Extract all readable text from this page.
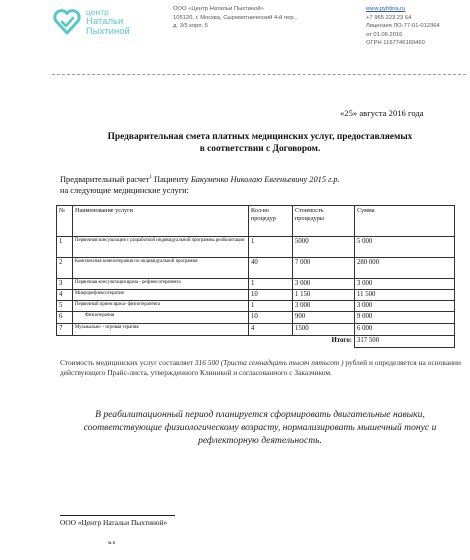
центр
Натальи
Пыхтиной
ООО «Центр Натальи Пыхтиной»
105120, г. Москва, Сыромятнический 4-й пер.,
д. 3/5 корп. 5
www.pyhtina.ru
+7 965 223 23 64
Лицензия ЛО-77-01-012364
от 01.06.2016
ОГРН 1167746160460
«25» августа 2016 года
Предварительная смета платных медицинских услуг, предоставляемых
в соответствии с Договором.
Предварительный расчет$^1$ Пациенту Бакуменко Николаю Евгеньевичу 2015 г.р.
на следующие медицинские услуги:
№	Наименование услуги	Кол-во процедур	Стоимость процедуры	Сумма
1	Первичная консультация с разработкой индивидуальной программы реабилитации	1	5000	5 000
2	Комплексная кинезитерапия по индивидуальной программе	40	7 000	280 000
3	Первичная консультация врача - рефлексотерапевта	1	3 000	3 000
4	Микрорефлексотерапия	10	1 150	11 500
5	Первичный прием врача- физиотерапевта	1	3 000	3 000
6	Физиотерапия	10	900	9 000
7	Музыкально – игровая терапия	4	1500	6 000
			Итого:	317 500
Стоимость медицинских услуг составляет 316 500 (Триста семнадцать тысяч пятьсот ) рублей и определяется на основании действующего Прайс-листа, утвержденного Клиникой и согласованного с Заказчиком.
В реабилитационный период планируется сформировать двигательные навыки, соответствующие физиологическому возрасту, нормализировать мышечный тонус и рефлекторную деятельность.
ООО «Центр Натальи Пыхтиной»
м.п
